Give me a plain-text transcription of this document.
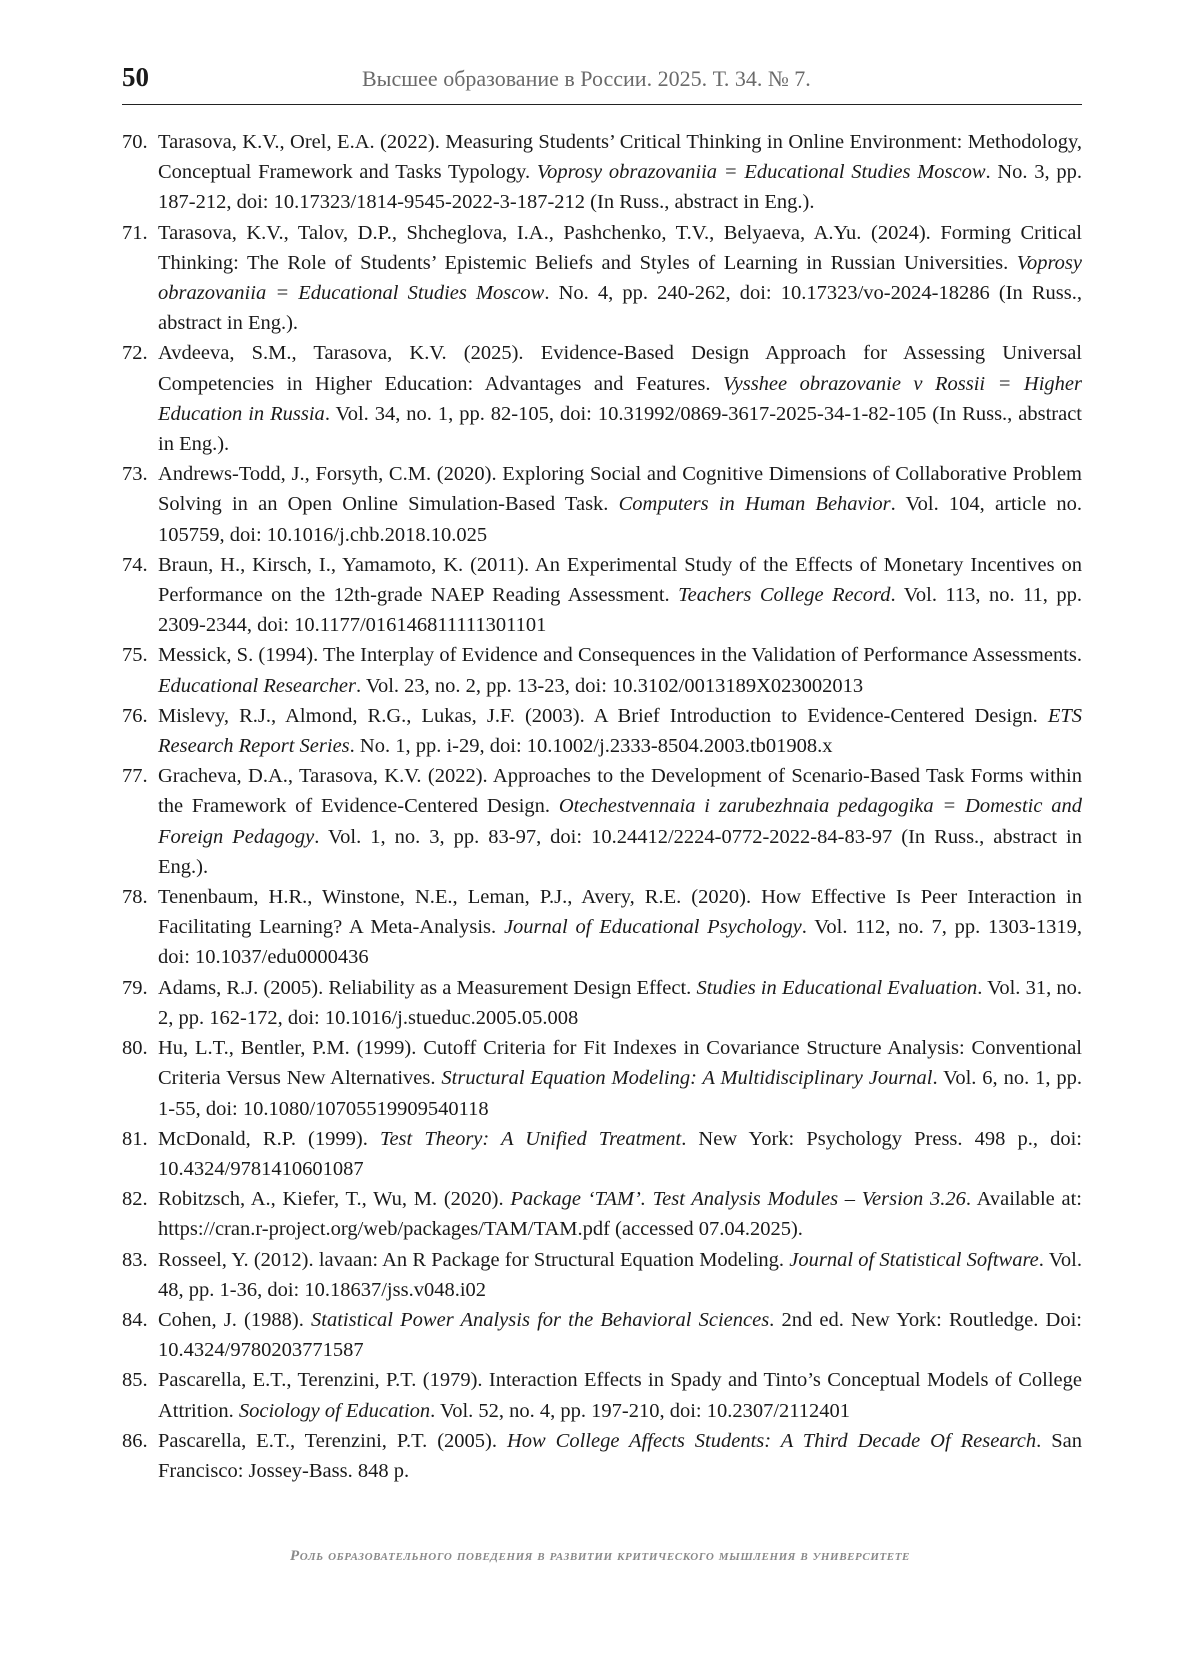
50	Высшее образование в России. 2025. Т. 34. № 7.
70. Tarasova, K.V., Orel, E.A. (2022). Measuring Students’ Critical Thinking in Online Environment: Methodology, Conceptual Framework and Tasks Typology. Voprosy obrazovaniia = Educational Studies Moscow. No. 3, pp. 187-212, doi: 10.17323/1814-9545-2022-3-187-212 (In Russ., abstract in Eng.).
71. Tarasova, K.V., Talov, D.P., Shcheglova, I.A., Pashchenko, T.V., Belyaeva, A.Yu. (2024). Forming Critical Thinking: The Role of Students’ Epistemic Beliefs and Styles of Learning in Russian Universities. Voprosy obrazovaniia = Educational Studies Moscow. No. 4, pp. 240-262, doi: 10.17323/vo-2024-18286 (In Russ., abstract in Eng.).
72. Avdeeva, S.M., Tarasova, K.V. (2025). Evidence-Based Design Approach for Assessing Universal Competencies in Higher Education: Advantages and Features. Vysshee obrazovanie v Rossii = Higher Education in Russia. Vol. 34, no. 1, pp. 82-105, doi: 10.31992/0869-3617-2025-34-1-82-105 (In Russ., abstract in Eng.).
73. Andrews-Todd, J., Forsyth, C.M. (2020). Exploring Social and Cognitive Dimensions of Collaborative Problem Solving in an Open Online Simulation-Based Task. Computers in Human Behavior. Vol. 104, article no. 105759, doi: 10.1016/j.chb.2018.10.025
74. Braun, H., Kirsch, I., Yamamoto, K. (2011). An Experimental Study of the Effects of Monetary Incentives on Performance on the 12th-grade NAEP Reading Assessment. Teachers College Record. Vol. 113, no. 11, pp. 2309-2344, doi: 10.1177/016146811111301101
75. Messick, S. (1994). The Interplay of Evidence and Consequences in the Validation of Performance Assessments. Educational Researcher. Vol. 23, no. 2, pp. 13-23, doi: 10.3102/0013189X023002013
76. Mislevy, R.J., Almond, R.G., Lukas, J.F. (2003). A Brief Introduction to Evidence-Centered Design. ETS Research Report Series. No. 1, pp. i-29, doi: 10.1002/j.2333-8504.2003.tb01908.x
77. Gracheva, D.A., Tarasova, K.V. (2022). Approaches to the Development of Scenario-Based Task Forms within the Framework of Evidence-Centered Design. Otechestvennaia i zarubezhnaia pedagogika = Domestic and Foreign Pedagogy. Vol. 1, no. 3, pp. 83-97, doi: 10.24412/2224-0772-2022-84-83-97 (In Russ., abstract in Eng.).
78. Tenenbaum, H.R., Winstone, N.E., Leman, P.J., Avery, R.E. (2020). How Effective Is Peer Interaction in Facilitating Learning? A Meta-Analysis. Journal of Educational Psychology. Vol. 112, no. 7, pp. 1303-1319, doi: 10.1037/edu0000436
79. Adams, R.J. (2005). Reliability as a Measurement Design Effect. Studies in Educational Evaluation. Vol. 31, no. 2, pp. 162-172, doi: 10.1016/j.stueduc.2005.05.008
80. Hu, L.T., Bentler, P.M. (1999). Cutoff Criteria for Fit Indexes in Covariance Structure Analysis: Conventional Criteria Versus New Alternatives. Structural Equation Modeling: A Multidisciplinary Journal. Vol. 6, no. 1, pp. 1-55, doi: 10.1080/10705519909540118
81. McDonald, R.P. (1999). Test Theory: A Unified Treatment. New York: Psychology Press. 498 p., doi: 10.4324/9781410601087
82. Robitzsch, A., Kiefer, T., Wu, M. (2020). Package ‘TAM’. Test Analysis Modules – Version 3.26. Available at: https://cran.r-project.org/web/packages/TAM/TAM.pdf (accessed 07.04.2025).
83. Rosseel, Y. (2012). lavaan: An R Package for Structural Equation Modeling. Journal of Statistical Software. Vol. 48, pp. 1-36, doi: 10.18637/jss.v048.i02
84. Cohen, J. (1988). Statistical Power Analysis for the Behavioral Sciences. 2nd ed. New York: Routledge. Doi: 10.4324/9780203771587
85. Pascarella, E.T., Terenzini, P.T. (1979). Interaction Effects in Spady and Tinto’s Conceptual Models of College Attrition. Sociology of Education. Vol. 52, no. 4, pp. 197-210, doi: 10.2307/2112401
86. Pascarella, E.T., Terenzini, P.T. (2005). How College Affects Students: A Third Decade Of Research. San Francisco: Jossey-Bass. 848 p.
Роль образовательного поведения в развитии критического мышления в университете
